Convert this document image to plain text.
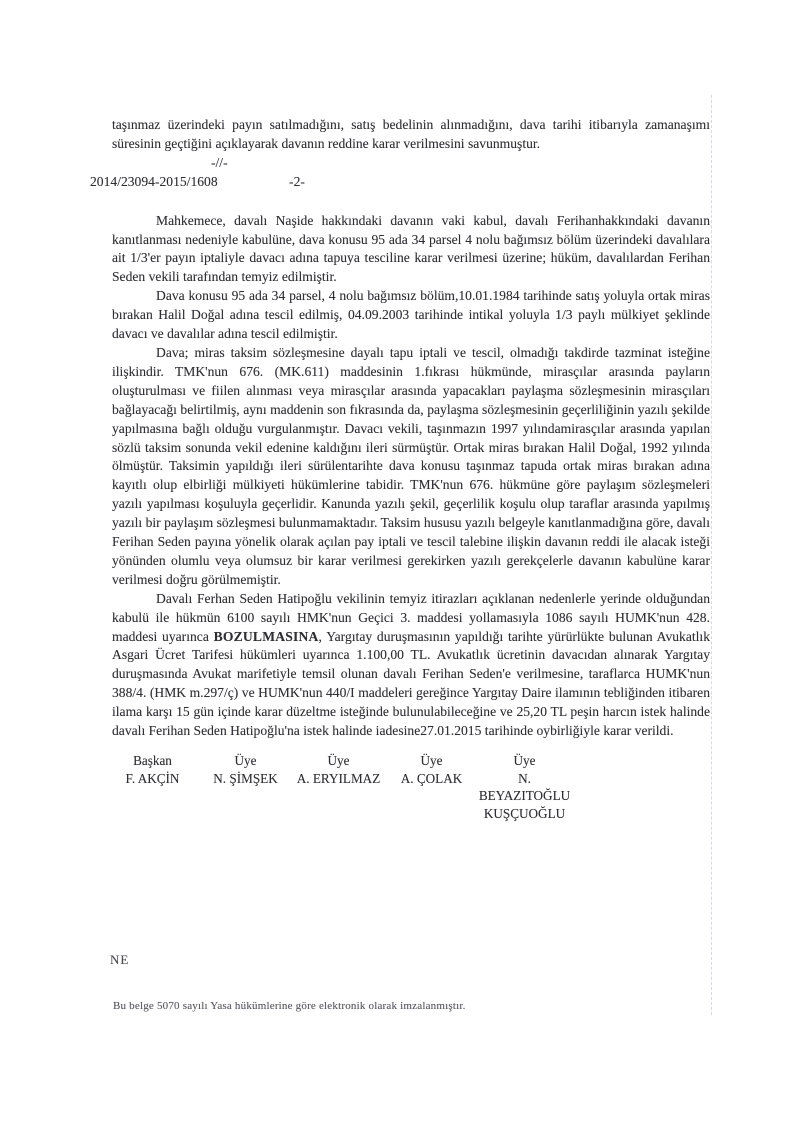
taşınmaz üzerindeki payın satılmadığını, satış bedelinin alınmadığını, dava tarihi itibarıyla zamanaşımı süresinin geçtiğini açıklayarak davanın reddine karar verilmesini savunmuştur.

-//-
2014/23094-2015/1608	-2-

Mahkemece, davalı Naşide hakkındaki davanın vaki kabul, davalı Ferihanhakkındaki davanın kanıtlanması nedeniyle kabulüne, dava konusu 95 ada 34 parsel 4 nolu bağımsız bölüm üzerindeki davalılara ait 1/3'er payın iptaliyle davacı adına tapuya tesciline karar verilmesi üzerine; hüküm, davalılardan Ferihan Seden vekili tarafından temyiz edilmiştir.

Dava konusu 95 ada 34 parsel, 4 nolu bağımsız bölüm,10.01.1984 tarihinde satış yoluyla ortak miras bırakan Halil Doğal adına tescil edilmiş, 04.09.2003 tarihinde intikal yoluyla 1/3 paylı mülkiyet şeklinde davacı ve davalılar adına tescil edilmiştir.

Dava; miras taksim sözleşmesine dayalı tapu iptali ve tescil, olmadığı takdirde tazminat isteğine ilişkindir. TMK'nun 676. (MK.611) maddesinin 1.fıkrası hükmünde, mirasçılar arasında payların oluşturulması ve fiilen alınması veya mirasçılar arasında yapacakları paylaşma sözleşmesinin mirasçıları bağlayacağı belirtilmiş, aynı maddenin son fıkrasında da, paylaşma sözleşmesinin geçerliliğinin yazılı şekilde yapılmasına bağlı olduğu vurgulanmıştır. Davacı vekili, taşınmazın 1997 yılındamirasçılar arasında yapılan sözlü taksim sonunda vekil edenine kaldığını ileri sürmüştür. Ortak miras bırakan Halil Doğal, 1992 yılında ölmüştür. Taksimin yapıldığı ileri sürülentarihte dava konusu taşınmaz tapuda ortak miras bırakan adına kayıtlı olup elbirliği mülkiyeti hükümlerine tabidir. TMK'nun 676. hükmüne göre paylaşım sözleşmeleri yazılı yapılması koşuluyla geçerlidir. Kanunda yazılı şekil, geçerlilik koşulu olup taraflar arasında yapılmış yazılı bir paylaşım sözleşmesi bulunmamaktadır. Taksim hususu yazılı belgeyle kanıtlanmadığına göre, davalı Ferihan Seden payına yönelik olarak açılan pay iptali ve tescil talebine ilişkin davanın reddi ile alacak isteği yönünden olumlu veya olumsuz bir karar verilmesi gerekirken yazılı gerekçelerle davanın kabulüne karar verilmesi doğru görülmemiştir.

Davalı Ferhan Seden Hatipoğlu vekilinin temyiz itirazları açıklanan nedenlerle yerinde olduğundan kabulü ile hükmün 6100 sayılı HMK'nun Geçici 3. maddesi yollamasıyla 1086 sayılı HUMK'nun 428. maddesi uyarınca BOZULMASINA, Yargıtay duruşmasının yapıldığı tarihte yürürlükte bulunan Avukatlık Asgari Ücret Tarifesi hükümleri uyarınca 1.100,00 TL. Avukatlık ücretinin davacıdan alınarak Yargıtay duruşmasında Avukat marifetiyle temsil olunan davalı Ferihan Seden'e verilmesine, taraflarca HUMK'nun 388/4. (HMK m.297/ç) ve HUMK'nun 440/I maddeleri gereğince Yargıtay Daire ilamının tebliğinden itibaren ilama karşı 15 gün içinde karar düzeltme isteğinde bulunulabileceğine ve 25,20 TL peşin harcın istek halinde davalı Ferihan Seden Hatipoğlu'na istek halinde iadesine27.01.2015 tarihinde oybirliğiyle karar verildi.

Başkan
F. AKÇİN
Üye
N. ŞİMŞEK
Üye
A. ERYILMAZ
Üye
A. ÇOLAK
Üye
N. BEYAZITOĞLU
KUŞÇUOĞLU
NE
Bu belge 5070 sayılı Yasa hükümlerine göre elektronik olarak imzalanmıştır.
